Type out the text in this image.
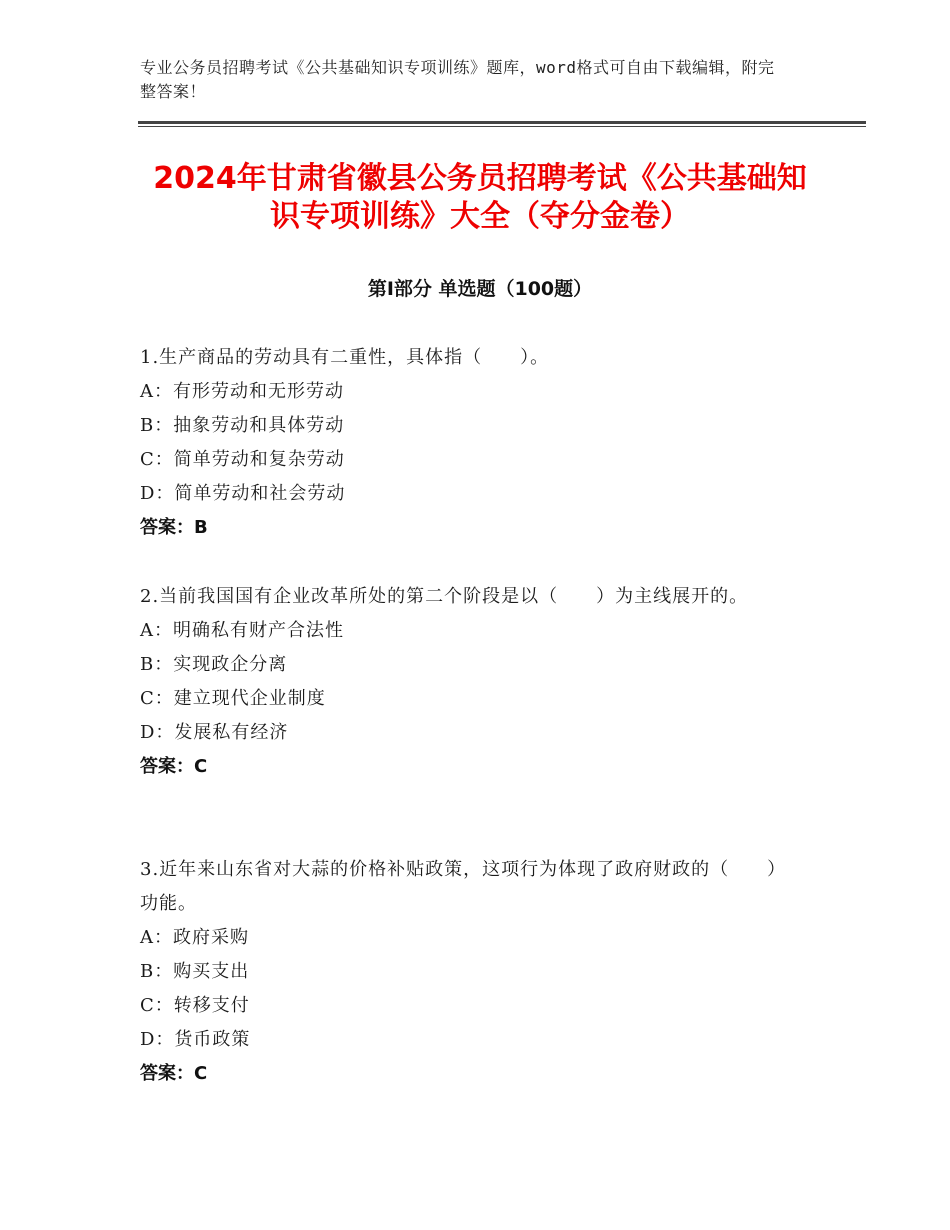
专业公务员招聘考试《公共基础知识专项训练》题库，word格式可自由下载编辑，附完整答案！
2024年甘肃省徽县公务员招聘考试《公共基础知识专项训练》大全（夺分金卷）
第Ⅰ部分 单选题（100题）
1.生产商品的劳动具有二重性，具体指（　　）。
A：有形劳动和无形劳动
B：抽象劳动和具体劳动
C：简单劳动和复杂劳动
D：简单劳动和社会劳动
答案：B
2.当前我国国有企业改革所处的第二个阶段是以（　　）为主线展开的。
A：明确私有财产合法性
B：实现政企分离
C：建立现代企业制度
D：发展私有经济
答案：C
3.近年来山东省对大蒜的价格补贴政策，这项行为体现了政府财政的（　　）功能。
A：政府采购
B：购买支出
C：转移支付
D：货币政策
答案：C
